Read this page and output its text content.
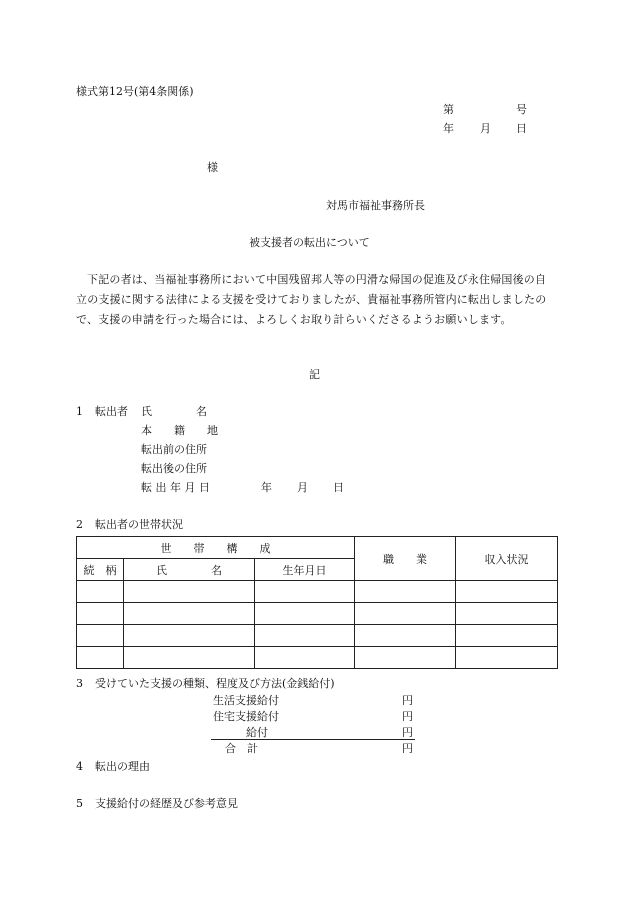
様式第12号(第4条関係)
第	号
年 月 日
様
対馬市福祉事務所長
被支援者の転出について
下記の者は、当福祉事務所において中国残留邦人等の円滑な帰国の促進及び永住帰国後の自立の支援に関する法律による支援を受けておりましたが、貴福祉事務所管内に転出しましたので、支援の申請を行った場合には、よろしくお取り計らいくださるようお願いします。
記
1 転出者 氏　　　　名
本　　籍　　地
転出前の住所
転出後の住所
転 出 年 月 日	年 月 日
2 転出者の世帯状況
世　　帯　　構　　成			職　　業	収入状況
続　柄	氏　　　　名	生年月日		

3 受けていた支援の種類、程度及び方法(金銭給付)
生活支援給付	円
住宅支援給付	円
給付	円
合　計	円
4 転出の理由
5 支援給付の経歴及び参考意見
